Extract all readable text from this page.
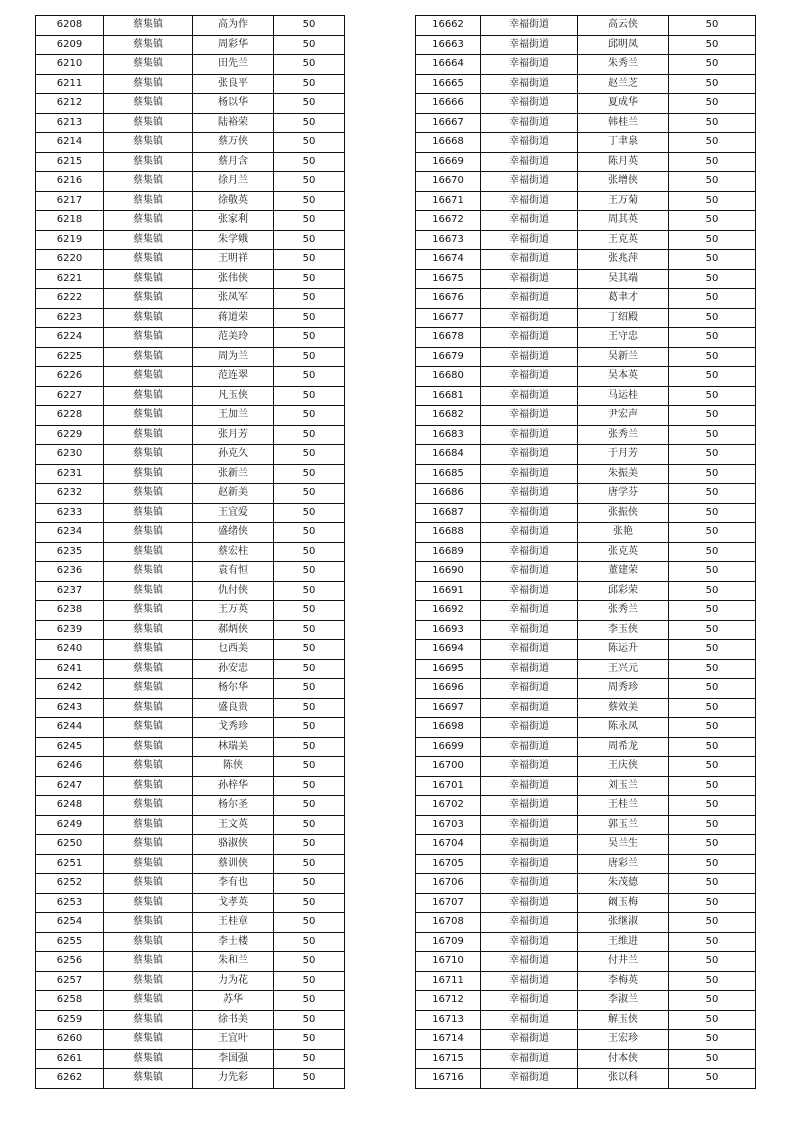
6208	蔡集镇	高为作	50
6209	蔡集镇	周彩华	50
6210	蔡集镇	田先兰	50
6211	蔡集镇	张良平	50
6212	蔡集镇	杨以华	50
6213	蔡集镇	陆裕荣	50
6214	蔡集镇	蔡万侠	50
6215	蔡集镇	蔡月含	50
6216	蔡集镇	徐月兰	50
6217	蔡集镇	徐敬英	50
6218	蔡集镇	张家利	50
6219	蔡集镇	朱学娥	50
6220	蔡集镇	王明祥	50
6221	蔡集镇	张伟侠	50
6222	蔡集镇	张凤军	50
6223	蔡集镇	蒋道荣	50
6224	蔡集镇	范美玲	50
6225	蔡集镇	周为兰	50
6226	蔡集镇	范连翠	50
6227	蔡集镇	凡玉侠	50
6228	蔡集镇	王加兰	50
6229	蔡集镇	张月芳	50
6230	蔡集镇	孙克久	50
6231	蔡集镇	张新兰	50
6232	蔡集镇	赵新美	50
6233	蔡集镇	王宜爱	50
6234	蔡集镇	盛绪侠	50
6235	蔡集镇	蔡宏柱	50
6236	蔡集镇	袁有恒	50
6237	蔡集镇	仇付侠	50
6238	蔡集镇	王万英	50
6239	蔡集镇	郝炳侠	50
6240	蔡集镇	乜西美	50
6241	蔡集镇	孙安忠	50
6242	蔡集镇	杨尔华	50
6243	蔡集镇	盛良贵	50
6244	蔡集镇	戈秀珍	50
6245	蔡集镇	林瑞美	50
6246	蔡集镇	陈侠	50
6247	蔡集镇	孙梓华	50
6248	蔡集镇	杨尔圣	50
6249	蔡集镇	王文英	50
6250	蔡集镇	骆淑侠	50
6251	蔡集镇	蔡训侠	50
6252	蔡集镇	李有也	50
6253	蔡集镇	戈孝英	50
6254	蔡集镇	王桂章	50
6255	蔡集镇	李士楼	50
6256	蔡集镇	朱和兰	50
6257	蔡集镇	力为花	50
6258	蔡集镇	苏华	50
6259	蔡集镇	徐书美	50
6260	蔡集镇	王宜叶	50
6261	蔡集镇	李国强	50
6262	蔡集镇	力先彩	50
16662	幸福街道	高云侠	50
16663	幸福街道	邱明凤	50
16664	幸福街道	朱秀兰	50
16665	幸福街道	赵兰芝	50
16666	幸福街道	夏成华	50
16667	幸福街道	韩桂兰	50
16668	幸福街道	丁聿泉	50
16669	幸福街道	陈月英	50
16670	幸福街道	张增侠	50
16671	幸福街道	王万菊	50
16672	幸福街道	周其英	50
16673	幸福街道	王克英	50
16674	幸福街道	张兆萍	50
16675	幸福街道	吴其端	50
16676	幸福街道	葛聿才	50
16677	幸福街道	丁绍殿	50
16678	幸福街道	王守忠	50
16679	幸福街道	吴新兰	50
16680	幸福街道	吴本英	50
16681	幸福街道	马运桂	50
16682	幸福街道	尹宏声	50
16683	幸福街道	张秀兰	50
16684	幸福街道	于月芳	50
16685	幸福街道	朱振美	50
16686	幸福街道	唐学芬	50
16687	幸福街道	张振侠	50
16688	幸福街道	张艳	50
16689	幸福街道	张克英	50
16690	幸福街道	董建荣	50
16691	幸福街道	邱彩荣	50
16692	幸福街道	张秀兰	50
16693	幸福街道	李玉侠	50
16694	幸福街道	陈运升	50
16695	幸福街道	王兴元	50
16696	幸福街道	周秀珍	50
16697	幸福街道	蔡效美	50
16698	幸福街道	陈永凤	50
16699	幸福街道	周希龙	50
16700	幸福街道	王庆侠	50
16701	幸福街道	刘玉兰	50
16702	幸福街道	王桂兰	50
16703	幸福街道	郭玉兰	50
16704	幸福街道	吴兰生	50
16705	幸福街道	唐彩兰	50
16706	幸福街道	朱茂德	50
16707	幸福街道	阚玉梅	50
16708	幸福街道	张继淑	50
16709	幸福街道	王维进	50
16710	幸福街道	付井兰	50
16711	幸福街道	李梅英	50
16712	幸福街道	李淑兰	50
16713	幸福街道	解玉侠	50
16714	幸福街道	王宏珍	50
16715	幸福街道	付本侠	50
16716	幸福街道	张以科	50
